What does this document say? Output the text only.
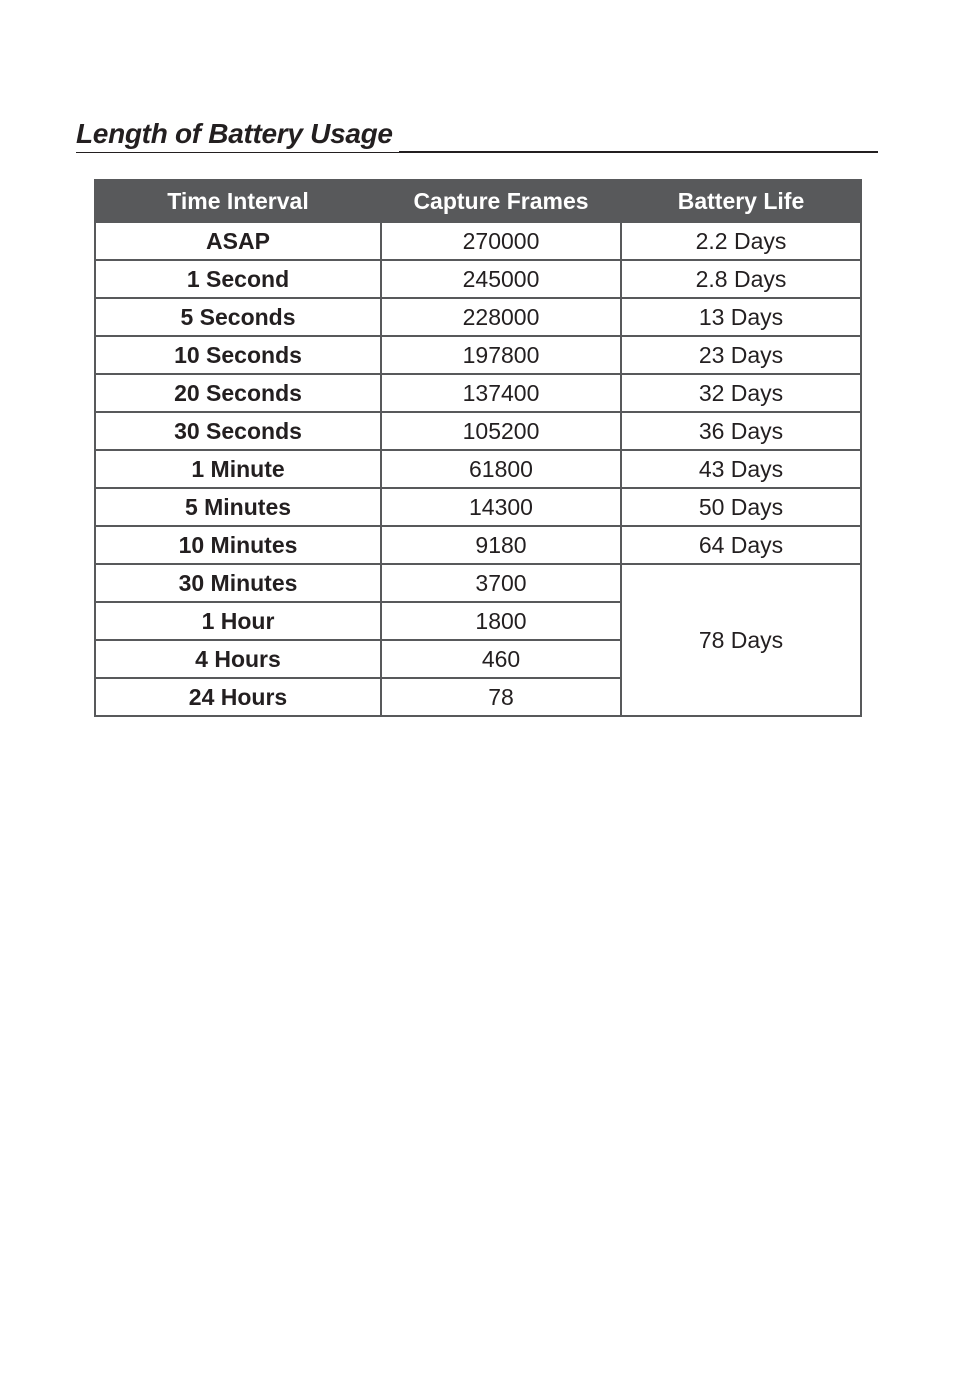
Length of Battery Usage
Time Interval	Capture Frames	Battery Life
ASAP	270000	2.2 Days
1 Second	245000	2.8 Days
5 Seconds	228000	13 Days
10 Seconds	197800	23 Days
20 Seconds	137400	32 Days
30 Seconds	105200	36 Days
1 Minute	61800	43 Days
5 Minutes	14300	50 Days
10 Minutes	9180	64 Days
30 Minutes	3700	78 Days
1 Hour	1800	
4 Hours	460	
24 Hours	78	
